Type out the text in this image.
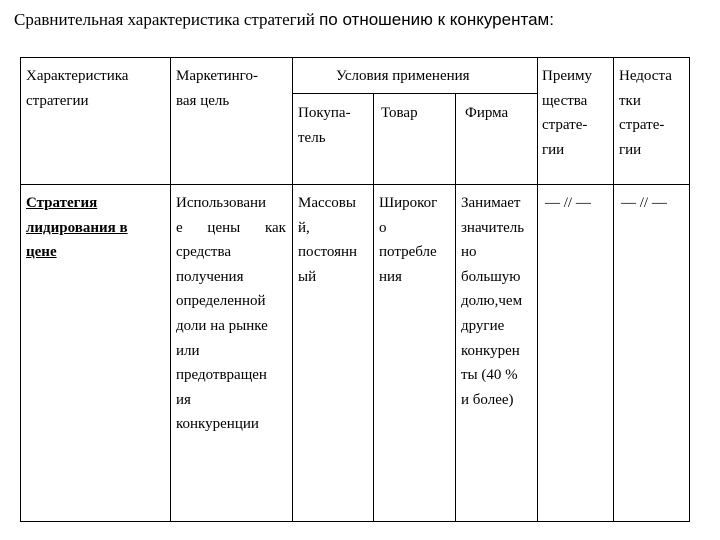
Сравнительная характеристика стратегий по отношению к конкурентам:
Характеристика
стратегии
Маркетинго-
вая цель
Условия применения
Покупа-
тель
Товар	Фирма
Преиму
щества
страте-
гии
Недоста
тки
страте-
гии
Стратегия
лидирования в
цене
Использовани
е цены как
средства
получения
определенной
доли на рынке
или
предотвращен
ия
конкуренции
Массовы
й,
постоянн
ый
Широког
о
потребле
ния
Занимает
значитель
но
большую
долю,чем
другие
конкурен
ты (40 %
и более)
— // — — // —
